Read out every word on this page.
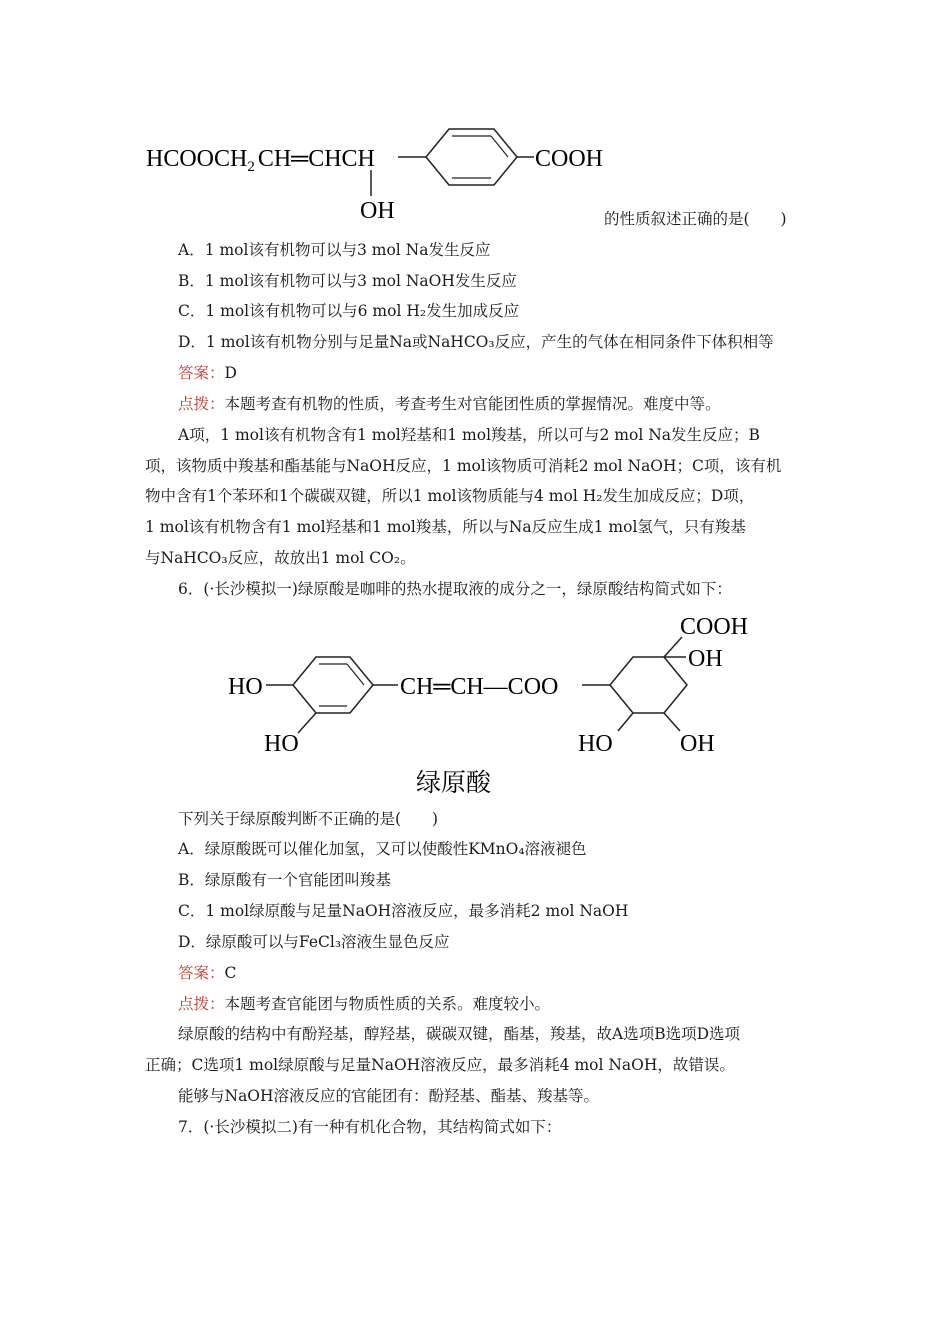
$HCOOCH_2$ CH═CHCH
OH
COOH
的性质叙述正确的是(　　)
A．1 mol该有机物可以与3 mol Na发生反应
B．1 mol该有机物可以与3 mol NaOH发生反应
C．1 mol该有机物可以与6 mol H₂发生加成反应
D．1 mol该有机物分别与足量Na或NaHCO₃反应，产生的气体在相同条件下体积相等
答案：D
点拨：本题考查有机物的性质，考查考生对官能团性质的掌握情况。难度中等。
A项，1 mol该有机物含有1 mol羟基和1 mol羧基，所以可与2 mol Na发生反应；B
项，该物质中羧基和酯基能与NaOH反应，1 mol该物质可消耗2 mol NaOH；C项，该有机
物中含有1个苯环和1个碳碳双键，所以1 mol该物质能与4 mol H₂发生加成反应；D项，
1 mol该有机物含有1 mol羟基和1 mol羧基，所以与Na反应生成1 mol氢气，只有羧基
与NaHCO₃反应，故放出1 mol CO₂。
6．(·长沙模拟一)绿原酸是咖啡的热水提取液的成分之一，绿原酸结构简式如下：
HO
HO
CH═CH—COO
COOH
OH
HO	OH
绿原酸
下列关于绿原酸判断不正确的是(　　)
A．绿原酸既可以催化加氢，又可以使酸性KMnO₄溶液褪色
B．绿原酸有一个官能团叫羧基
C．1 mol绿原酸与足量NaOH溶液反应，最多消耗2 mol NaOH
D．绿原酸可以与FeCl₃溶液生显色反应
答案：C
点拨：本题考查官能团与物质性质的关系。难度较小。
绿原酸的结构中有酚羟基，醇羟基，碳碳双键，酯基，羧基，故A选项B选项D选项
正确；C选项1 mol绿原酸与足量NaOH溶液反应，最多消耗4 mol NaOH，故错误。
能够与NaOH溶液反应的官能团有：酚羟基、酯基、羧基等。
7．(·长沙模拟二)有一种有机化合物，其结构简式如下：
